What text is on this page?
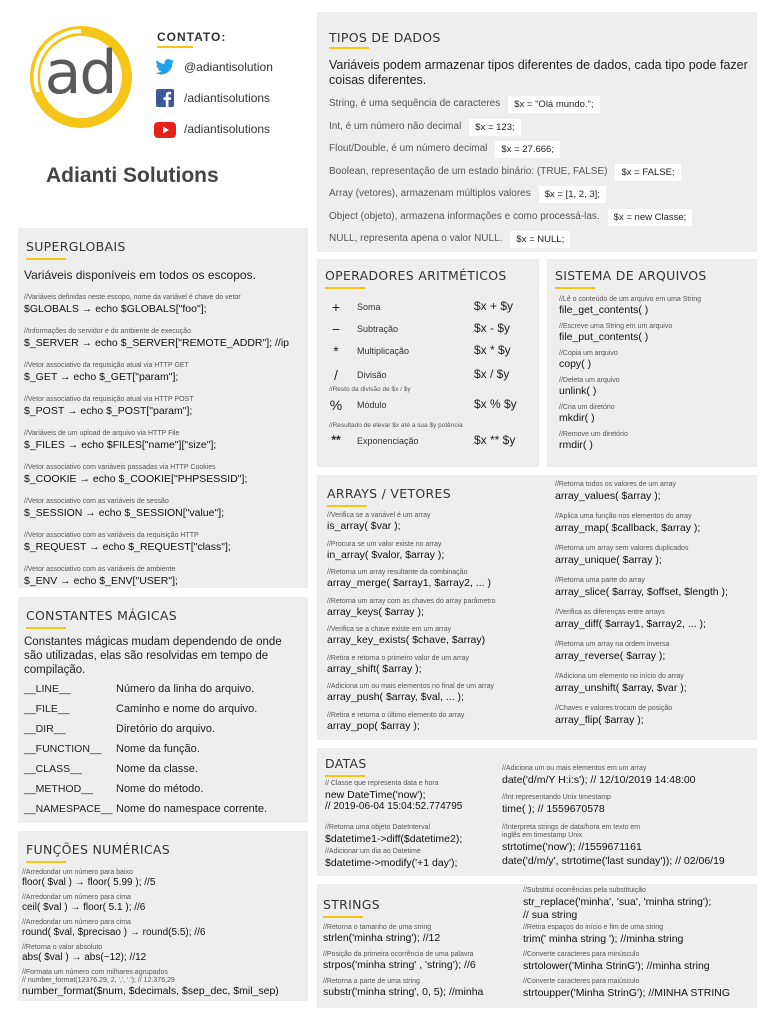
ad
CONTATO:
@adiantisolution
/adiantisolutions
/adiantisolutions
Adianti Solutions
SUPERGLOBAIS
Variáveis disponíveis em todos os escopos.
//Variáveis definidas neste escopo, nome da variável é chave do vetor
$GLOBALS → echo $GLOBALS["foo"];
//Informações do servidor e do ambiente de execução
$_SERVER → echo $_SERVER["REMOTE_ADDR"]; //ip
//Vetor associativo da requisição atual via HTTP GET
$_GET → echo $_GET["param"];
//Vetor associativo da requisição atual via HTTP POST
$_POST → echo $_POST["param"];
//Variáveis de um upload de arquivo via HTTP File
$_FILES → echo $FILES["name"]["size"];
//Vetor associativo com variáveis passadas via HTTP Cookies
$_COOKIE → echo $_COOKIE["PHPSESSID"];
//Vetor associativo com as variáveis de sessão
$_SESSION → echo $_SESSION["value"];
//Vetor associativo com as variáveis da requisição HTTP
$_REQUEST → echo $_REQUEST["class"];
//Vetor associativo com as variáveis de ambiente
$_ENV → echo $_ENV["USER"];
CONSTANTES MÁGICAS
Constantes mágicas mudam dependendo de onde são utilizadas, elas são resolvidas em tempo de compilação.
__LINE__	Número da linha do arquivo.
__FILE__	Caminho e nome do arquivo.
__DIR__	Diretório do arquivo.
__FUNCTION__ Nome da função.
__CLASS__	Nome da classe.
__METHOD__ Nome do método.
__NAMESPACE__ Nome do namespace corrente.
FUNÇÕES NUMÉRICAS
//Arredondar um número para baixo
floor( $val ) → floor( 5.99 ); //5
//Arredondar um número para cima
ceil( $val ) → floor( 5.1 ); //6
//Arredondar um número para cima
round( $val, $precisao ) → round(5.5); //6
//Retorna o valor absoluto
abs( $val ) → abs(−12); //12
//Formata um número com milhares agrupados
// number_format(12376.29, 2, ',', '.'); // 12.376,29
number_format($num, $decimals, $sep_dec, $mil_sep)
TIPOS DE DADOS
Variáveis podem armazenar tipos diferentes de dados, cada tipo pode fazer coisas diferentes.
String, é uma sequência de caracteres	$x = "Olá mundo.";
Int, é um número não decimal	$x = 123;
Flout/Double, é um número decimal	$x = 27.666;
Boolean, representação de um estado binário: (TRUE, FALSE)	$x = FALSE;
Array (vetores), armazenam múltiplos valores	$x = [1, 2, 3];
Object (objeto), armazena informações e como processá-las.	$x = new Classe;
NULL, representa apena o valor NULL.	$x = NULL;
OPERADORES ARITMÉTICOS
+	Soma	$x + $y
−	Subtração	$x - $y
*	Multiplicação	$x * $y
/	Divisão	$x / $y
//Resto da divisão de $x / $y
% Módulo	$x % $y
//Resultado de elevar $x até a sua $y potência
** Exponenciação	$x ** $y
SISTEMA DE ARQUIVOS
//Lê o conteúdo de um arquivo em uma String
file_get_contents( )
//Escreve uma String em um arquivo
file_put_contents( )
//Copia um arquivo
copy( )
//Deleta um arquivo
unlink( )
//Cria um diretório
mkdir( )
//Remove um diretório
rmdir( )
ARRAYS / VETORES
//Verifica se a variável é um array
is_array( $var );
//Procura se um valor existe no array
in_array( $valor, $array );
//Retorna um array resultante da combinação
array_merge( $array1, $array2, ... )
//Retorna um array com as chaves do array parâmetro
array_keys( $array );
//Verifica se a chave existe em um array
array_key_exists( $chave, $array)
//Retira e retorna o primeiro valor de um array
array_shift( $array );
//Adiciona um ou mais elementos no final de um array
array_push( $array, $val, ... );
//Retira e retorna o último elemento do array
array_pop( $array );
//Retorna todos os valores de um array
array_values( $array );
//Aplica uma função nos elementos do array
array_map( $callback, $array );
//Retorna um array sem valores duplicados
array_unique( $array );
//Retorna uma parte do array
array_slice( $array, $offset, $length );
//Verifica as diferenças entre arrays
array_diff( $array1, $array2, ... );
//Retorna um array na ordem inversa
array_reverse( $array );
//Adiciona um elemento no início do array
array_unshift( $array, $var );
//Chaves e valores trocam de posição
array_flip( $array );
DATAS
// Classe que representa data e hora
new DateTime('now');
// 2019-06-04 15:04:52.774795
//Retorna uma objeto DateInterval
$datetime1->diff($datetime2);
//Adicionar um dia ao Datetime
$datetime->modify('+1 day');
//Adiciona um ou mais elementos em um array
date('d/m/Y H:i:s'); // 12/10/2019 14:48:00
//Int representando Unix timestamp
time( ); // 1559670578
//Interpreta strings de data/hora em texto em
inglês em timestamp Unix
strtotime('now'); //1559671161
date('d/m/y', strtotime('last sunday')); // 02/06/19
STRINGS
//Retorna o tamanho de uma string
strlen('minha string'); //12
//Posição da primeira ocorrência de uma palavra
strpos('minha string' , 'string'); //6
//Retorna a parte de uma string
substr('minha string', 0, 5); //minha
//Substitui ocorrências pela substituição
str_replace('minha', 'sua', 'minha string');
// sua string
//Retira espaços do início e fim de uma string
trim(' minha string '); //minha string
//Converte caracteres para minúsculo
strtolower('Minha StrinG'); //minha string
//Converte caracteres para maiúsculo
strtoupper('Minha StrinG'); //MINHA STRING
